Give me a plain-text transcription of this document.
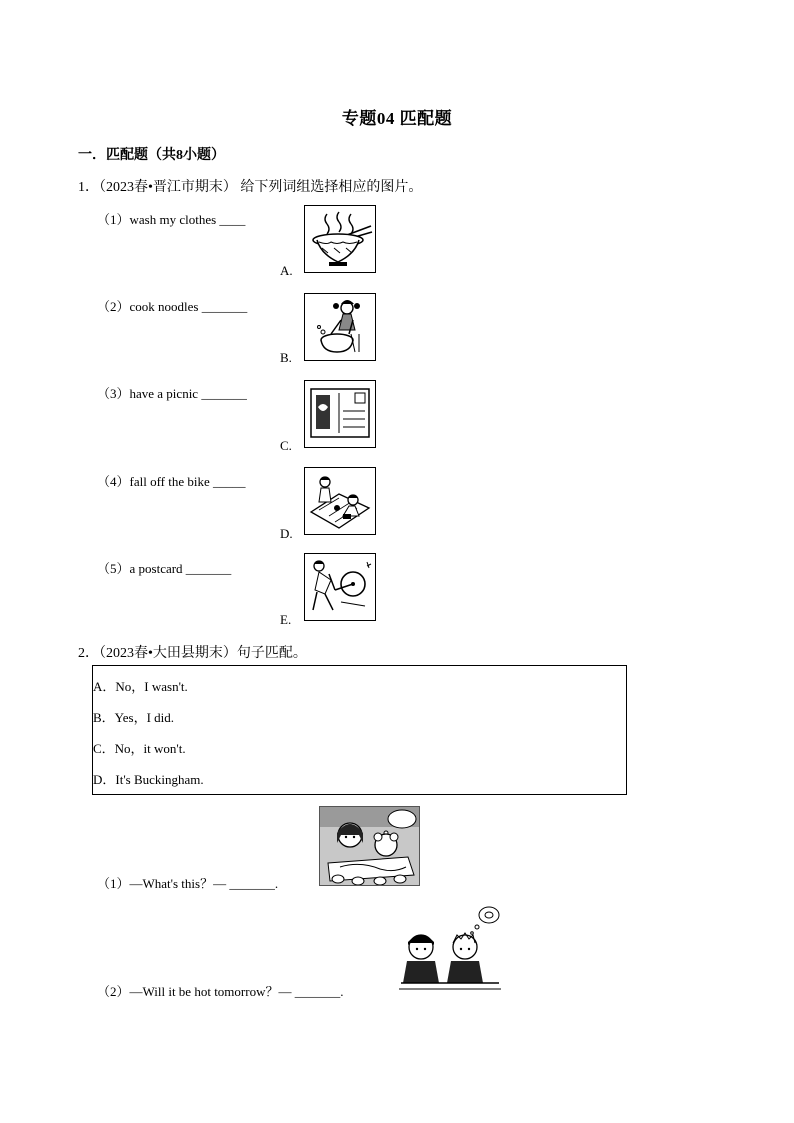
专题04 匹配题
一．匹配题（共8小题）
1．（2023春•晋江市期末） 给下列词组选择相应的图片。
（1）wash my clothes ____
（2）cook noodles _______
（3）have a picnic _______
（4）fall off the bike _____
（5）a postcard _______
A.
B.
C.
D.
E.
2．（2023春•大田县期末）句子匹配。
A．No，I wasn't.
B．Yes，I did.
C．No，it won't.
D．It's Buckingham.
（1）—What's this？— _______.
（2）—Will it be hot tomorrow？— _______.
